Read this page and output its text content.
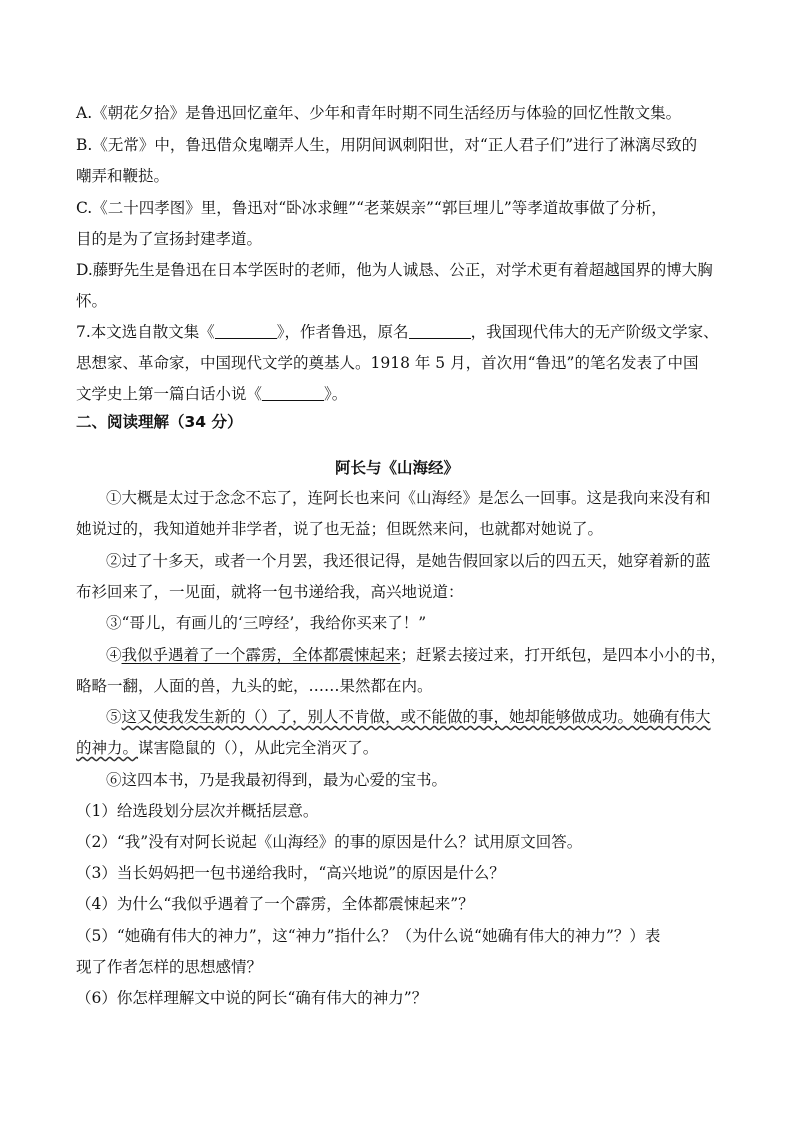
A.《朝花夕拾》是鲁迅回忆童年、少年和青年时期不同生活经历与体验的回忆性散文集。
B.《无常》中，鲁迅借众鬼嘲弄人生，用阴间讽刺阳世，对“正人君子们”进行了淋漓尽致的
嘲弄和鞭挞。
C.《二十四孝图》里，鲁迅对“卧冰求鲤”“老莱娱亲”“郭巨埋儿”等孝道故事做了分析，
目的是为了宣扬封建孝道。
D.藤野先生是鲁迅在日本学医时的老师，他为人诚恳、公正，对学术更有着超越国界的博大胸
怀。
7.本文选自散文集《	》，作者鲁迅，原名	，我国现代伟大的无产阶级文学家、
思想家、革命家，中国现代文学的奠基人。1918 年 5 月，首次用“鲁迅”的笔名发表了中国
文学史上第一篇白话小说《	》。
二、阅读理解（34 分）
阿长与《山海经》
①大概是太过于念念不忘了，连阿长也来问《山海经》是怎么一回事。这是我向来没有和
她说过的，我知道她并非学者，说了也无益；但既然来问，也就都对她说了。
②过了十多天，或者一个月罢，我还很记得，是她告假回家以后的四五天，她穿着新的蓝
布衫回来了，一见面，就将一包书递给我，高兴地说道：
③“哥儿，有画儿的‘三哼经’，我给你买来了！”
④我似乎遇着了一个霹雳，全体都震悚起来；赶紧去接过来，打开纸包，是四本小小的书，
略略一翻，人面的兽，九头的蛇，……果然都在内。
⑤这又使我发生新的（）了，别人不肯做，或不能做的事，她却能够做成功。她确有伟大
的神力。谋害隐鼠的（），从此完全消灭了。
⑥这四本书，乃是我最初得到，最为心爱的宝书。
（1）给选段划分层次并概括层意。
（2）“我”没有对阿长说起《山海经》的事的原因是什么？试用原文回答。
（3）当长妈妈把一包书递给我时，“高兴地说”的原因是什么？
（4）为什么“我似乎遇着了一个霹雳，全体都震悚起来”？
（5）“她确有伟大的神力”，这“神力”指什么？（为什么说“她确有伟大的神力”？）表
现了作者怎样的思想感情？
（6）你怎样理解文中说的阿长“确有伟大的神力”？
